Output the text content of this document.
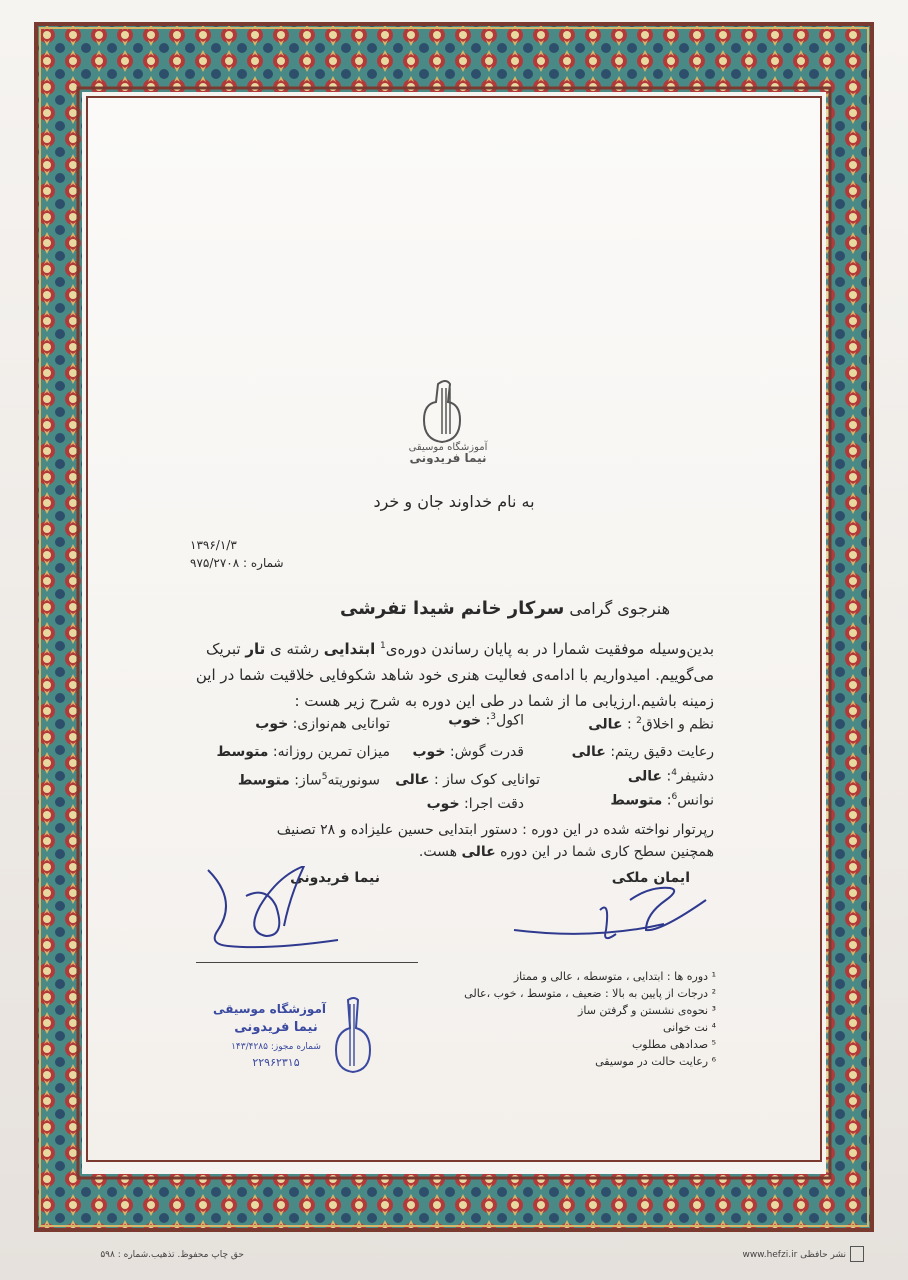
آموزشگاه موسیقی
نیما فریدونی
به نام خداوند جان و خرد
۱۳۹۶/۱/۳
شماره : ۹۷۵/۲۷۰۸
هنرجوی گرامی سرکار خانم شیدا تفرشی
بدین‌وسیله موفقیت شمارا در به پایان رساندن دوره‌ی$^1$ ابتدایی رشته ی تار تبریک
می‌گوییم. امیدواریم با ادامه‌ی فعالیت هنری خود شاهد شکوفایی خلاقیت شما در این
زمینه باشیم.ارزیابی ما از شما در طی این دوره به شرح زیر هست :
نظم و اخلاق$^2$ : عالی
اکول$^3$: خوب
توانایی هم‌نوازی: خوب
رعایت دقیق ریتم: عالی
قدرت گوش: خوب
میزان تمرین روزانه: متوسط
دشیفر$^4$: عالی
توانایی کوک ساز : عالی
سونوریته$^5$ساز: متوسط
نوانس$^6$: متوسط
دقت اجرا: خوب
رپرتوار نواخته شده در این دوره : دستور ابتدایی حسین علیزاده و ۲۸ تصنیف
همچنین سطح کاری شما در این دوره عالی هست.
نیما فریدونی	ایمان ملکی
¹ دوره ها : ابتدایی ، متوسطه ، عالی و ممتاز
² درجات از پایین به بالا : ضعیف ، متوسط ، خوب ،عالی
³ نحوه‌ی نشستن و گرفتن ساز
⁴ نت خوانی
⁵ صدادهی مطلوب
⁶ رعایت حالت در موسیقی
آموزشگاه موسیقی
نیما فریدونی
شماره مجوز: ۱۴۳/۴۲۸۵
۲۲۹۶۲۳۱۵
حق چاپ محفوظ. تذهیب.شماره : ۵۹۸	نشر حافظی www.hefzi.ir
